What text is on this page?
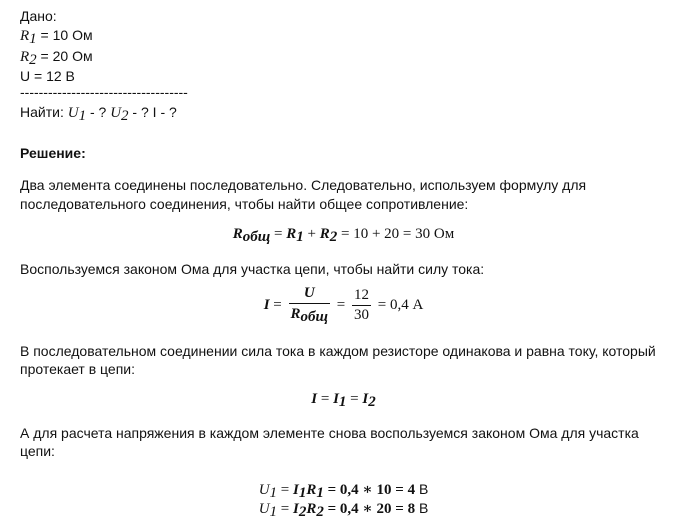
Дано:
$R_1 = 10$ Ом
$R_2 = 20$ Ом
U = 12 B
------------------------------------
Найти: $U_1$ - ? $U_2$ - ? I - ?
Решение:
Два элемента соединены последовательно. Следовательно, используем формулу для
последовательного соединения, чтобы найти общее сопротивление:
$R_{общ} = R_1 + R_2 = 10 + 20 = 30$ Ом
Воспользуемся законом Ома для участка цепи, чтобы найти силу тока:
$I = \frac{U}{R_{общ}} = \frac{12}{30} = 0,4$ А
В последовательном соединении сила тока в каждом резисторе одинакова и равна току, который
протекает в цепи:
$I = I_1 = I_2$
А для расчета напряжения в каждом элементе снова воспользуемся законом Ома для участка
цепи:
$U_1 = I_1R_1 = 0,4$ ∗ 10 = 4 B
$U_1 = I_2R_2 = 0,4$ ∗ 20 = 8 B
